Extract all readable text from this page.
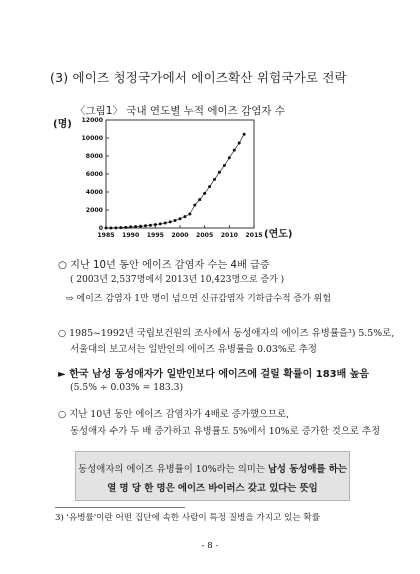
(3) 에이즈 청정국가에서 에이즈확산 위험국가로 전락
〈그림1〉 국내 연도별 누적 에이즈 감염자 수
(명)
(연도)
0
2000
4000
6000
8000
10000
12000
1985 1990 1995 2000 2005 2010 2015
○ 지난 10년 동안 에이즈 감염자 수는 4배 급증
( 2003년 2,537명에서 2013년 10,423명으로 증가 )
⇨ 에이즈 감염자 1만 명이 넘으면 신규감염자 기하급수적 증가 위험
○ 1985~1992년 국립보건원의 조사에서 동성애자의 에이즈 유병률을³) 5.5%로,
서울대의 보고서는 일반인의 에이즈 유병률을 0.03%로 추정
► 한국 남성 동성애자가 일반인보다 에이즈에 걸릴 확률이 183배 높음
(5.5% ÷ 0.03% = 183.3)
○ 지난 10년 동안 에이즈 감염자가 4배로 증가했으므로,
동성애자 수가 두 배 증가하고 유병률도 5%에서 10%로 증가한 것으로 추정
동성애자의 에이즈 유병률이 10%라는 의미는 남성 동성애를 하는
열 명 당 한 명은 에이즈 바이러스 갖고 있다는 뜻임
3) '유병률'이란 어떤 집단에 속한 사람이 특정 질병을 가지고 있는 확률
- 8 -
